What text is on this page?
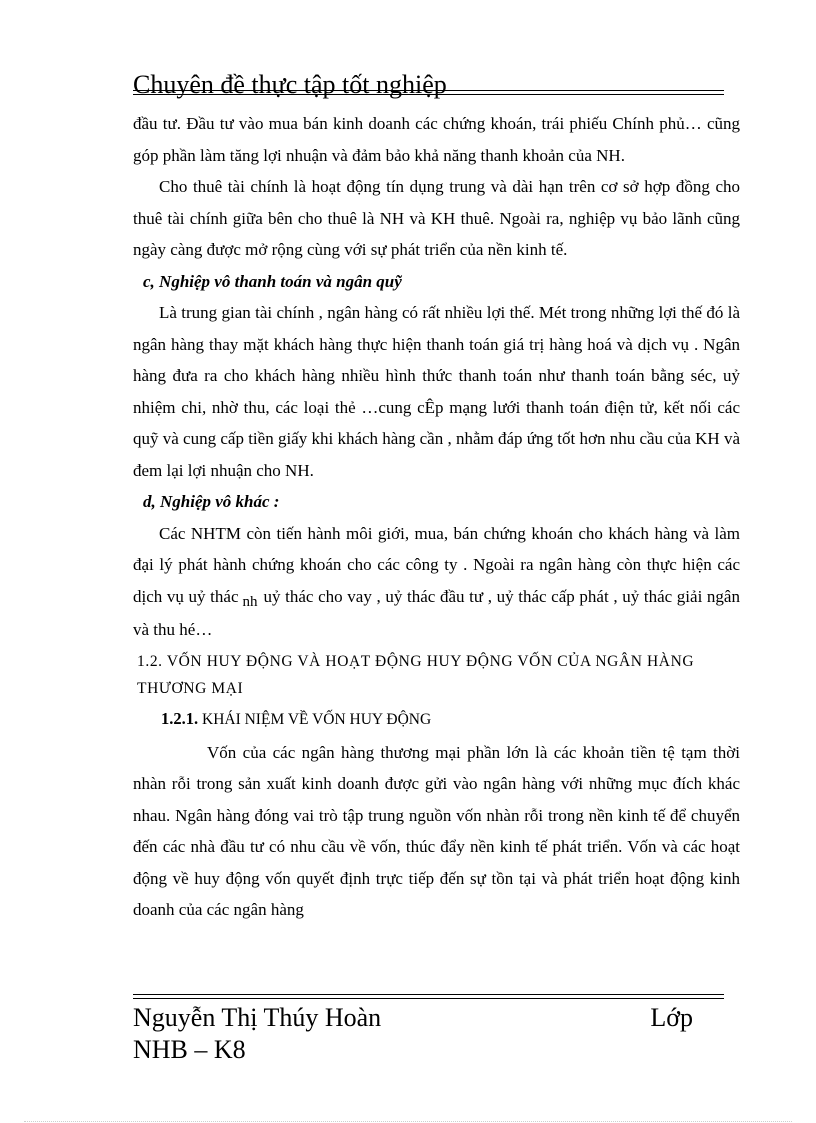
Chuyên đề thực tập tốt nghiệp

đầu tư. Đầu tư vào mua bán kinh doanh các chứng khoán, trái phiếu Chính phủ… cũng góp phần làm tăng lợi nhuận và đảm bảo khả năng thanh khoản của NH.

Cho thuê tài chính là hoạt động tín dụng trung và dài hạn trên cơ sở hợp đồng cho thuê tài chính giữa bên cho thuê là NH và KH thuê. Ngoài ra, nghiệp vụ bảo lãnh cũng ngày càng được mở rộng cùng với sự phát triển của nền kinh tế.

c, Nghiệp vô thanh toán và ngân quỹ

Là trung gian tài chính , ngân hàng có rất nhiều lợi thế. Mét trong những lợi thế đó là ngân hàng thay mặt khách hàng thực hiện thanh toán giá trị hàng hoá và dịch vụ . Ngân hàng đưa ra cho khách hàng nhiều hình thức thanh toán như thanh toán bằng séc, uỷ nhiệm chi, nhờ thu, các loại thẻ …cung cÊp mạng lưới thanh toán điện tử, kết nối các quỹ và cung cấp tiền giấy khi khách hàng cần , nhằm đáp ứng tốt hơn nhu cầu của KH và đem lại lợi nhuận cho NH.

d, Nghiệp vô khác :

Các NHTM còn tiến hành môi giới, mua, bán chứng khoán cho khách hàng và làm đại lý phát hành chứng khoán cho các công ty . Ngoài ra ngân hàng còn thực hiện các dịch vụ uỷ thác nh uỷ thác cho vay , uỷ thác đầu tư , uỷ thác cấp phát , uỷ thác giải ngân và thu hé…

1.2. VỐN HUY ĐỘNG VÀ HOẠT ĐỘNG HUY ĐỘNG VỐN CỦA NGÂN HÀNG

THƯƠNG MẠI

1.2.1. KHÁI NIỆM VỀ VỐN HUY ĐỘNG

Vốn của các ngân hàng thương mại phần lớn là các khoản tiền tệ tạm thời nhàn rỗi trong sản xuất kinh doanh được gửi vào ngân hàng với những mục đích khác nhau. Ngân hàng đóng vai trò tập trung nguồn vốn nhàn rỗi trong nền kinh tế để chuyển đến các nhà đầu tư có nhu cầu về vốn, thúc đẩy nền kinh tế phát triển. Vốn và các hoạt động về huy động vốn quyết định trực tiếp đến sự tồn tại và phát triển hoạt động kinh doanh của các ngân hàng

Nguyễn Thị Thúy Hoàn	Lớp
NHB – K8
